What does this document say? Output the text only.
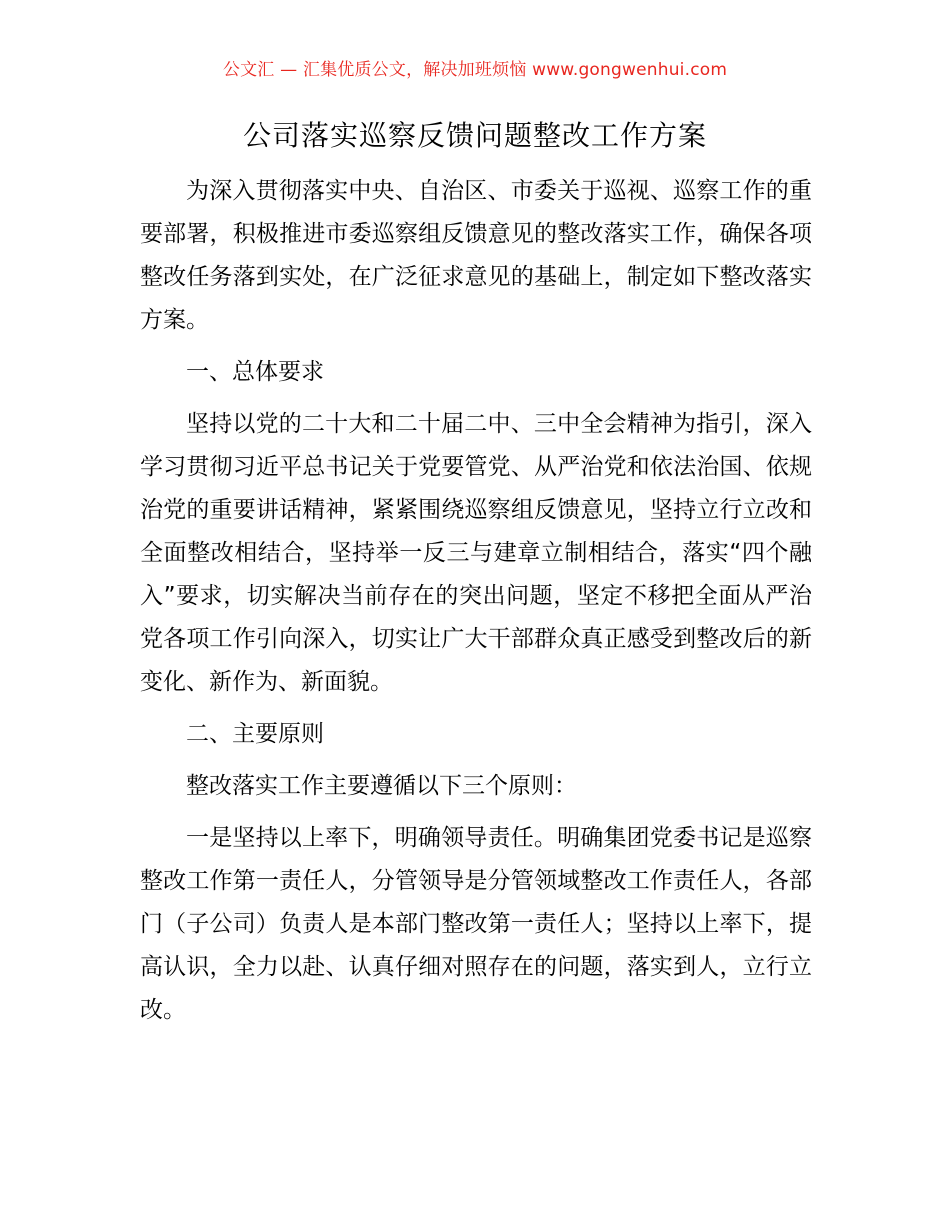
公文汇 — 汇集优质公文，解决加班烦恼 www.gongwenhui.com
公司落实巡察反馈问题整改工作方案

为深入贯彻落实中央、自治区、市委关于巡视、巡察工作的重要部署，积极推进市委巡察组反馈意见的整改落实工作，确保各项整改任务落到实处，在广泛征求意见的基础上，制定如下整改落实方案。

一、总体要求

坚持以党的二十大和二十届二中、三中全会精神为指引，深入学习贯彻习近平总书记关于党要管党、从严治党和依法治国、依规治党的重要讲话精神，紧紧围绕巡察组反馈意见，坚持立行立改和全面整改相结合，坚持举一反三与建章立制相结合，落实“四个融入”要求，切实解决当前存在的突出问题，坚定不移把全面从严治党各项工作引向深入，切实让广大干部群众真正感受到整改后的新变化、新作为、新面貌。

二、主要原则

整改落实工作主要遵循以下三个原则：

一是坚持以上率下，明确领导责任。明确集团党委书记是巡察整改工作第一责任人，分管领导是分管领域整改工作责任人，各部门（子公司）负责人是本部门整改第一责任人；坚持以上率下，提高认识，全力以赴、认真仔细对照存在的问题，落实到人，立行立改。
